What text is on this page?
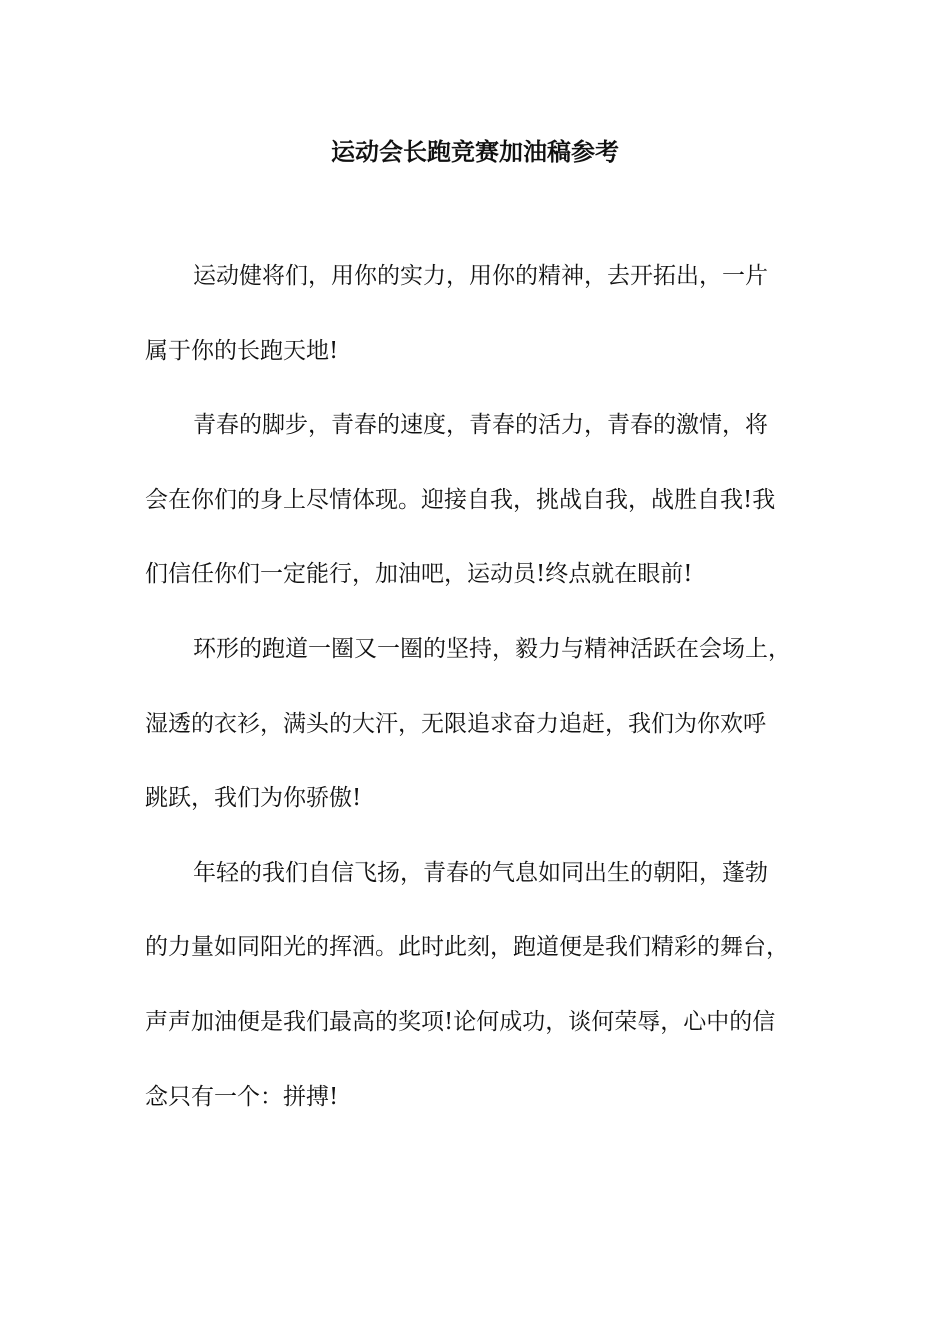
运动会长跑竞赛加油稿参考

运动健将们，用你的实力，用你的精神，去开拓出，一片

属于你的长跑天地!

青春的脚步，青春的速度，青春的活力，青春的激情，将

会在你们的身上尽情体现。迎接自我，挑战自我，战胜自我!我

们信任你们一定能行，加油吧，运动员!终点就在眼前!

环形的跑道一圈又一圈的坚持，毅力与精神活跃在会场上，

湿透的衣衫，满头的大汗，无限追求奋力追赶，我们为你欢呼

跳跃，我们为你骄傲!

年轻的我们自信飞扬，青春的气息如同出生的朝阳，蓬勃

的力量如同阳光的挥洒。此时此刻，跑道便是我们精彩的舞台，

声声加油便是我们最高的奖项!论何成功，谈何荣辱，心中的信

念只有一个：拼搏!
